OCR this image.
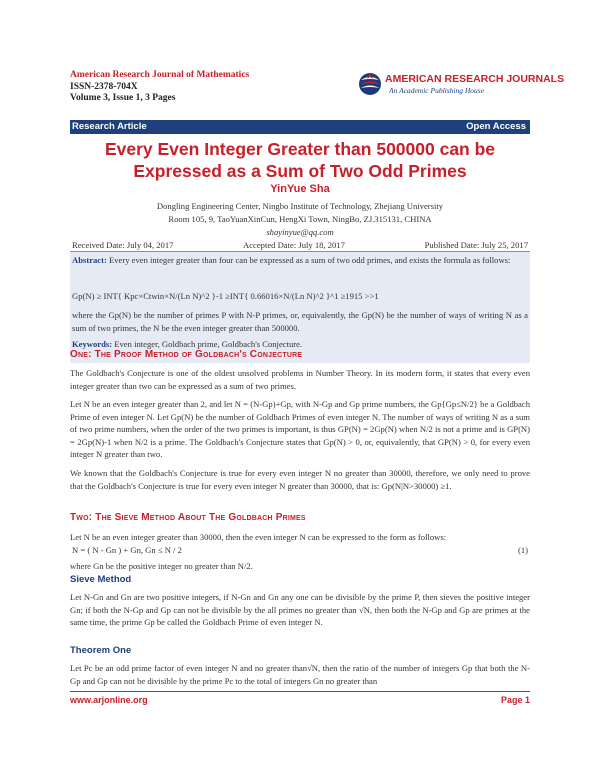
American Research Journal of Mathematics
ISSN-2378-704X
Volume 3, Issue 1, 3 Pages
AMERICAN RESEARCH JOURNALS
An Academic Publishing House
Research Article	Open Access
Every Even Integer Greater than 500000 can be
Expressed as a Sum of Two Odd Primes
YinYue Sha
Dongling Engineering Center, Ningbo Institute of Technology, Zhejiang University
Room 105, 9, TaoYuanXinCun, HengXi Town, NingBo, ZJ.315131, CHINA
shayinyue@qq.com
Received Date: July 04, 2017	Accepted Date: July 18, 2017	Published Date: July 25, 2017

Abstract: Every even integer greater than four can be expressed as a sum of two odd primes, and exists the formula as follows:

Gp(N) ≥ INT{ Kpc×Ctwin×N/(Ln N)^2 }-1 ≥INT{ 0.66016×N/(Ln N)^2 }^1 ≥1915 >>1

where the Gp(N) be the number of primes P with N-P primes, or, equivalently, the Gp(N) be the number of ways of writing N as a sum of two primes, the N be the even integer greater than 500000.

Keywords: Even integer, Goldbach prime, Goldbach's Conjecture.

One: The Proof Method of Goldbach's Conjecture

The Goldbach's Conjecture is one of the oldest unsolved problems in Number Theory. In its modern form, it states that every even integer greater than two can be expressed as a sum of two primes.

Let N be an even integer greater than 2, and let N = (N-Gp)+Gp, with N-Gp and Gp prime numbers, the Gp{Gp≤N/2} be a Goldbach Prime of even integer N. Let Gp(N) be the number of Goldbach Primes of even integer N. The number of ways of writing N as a sum of two prime numbers, when the order of the two primes is important, is thus GP(N) = 2Gp(N) when N/2 is not a prime and is GP(N) = 2Gp(N)-1 when N/2 is a prime. The Goldbach's Conjecture states that Gp(N) > 0, or, equivalently, that GP(N) > 0, for every even integer N greater than two.

We known that the Goldbach's Conjecture is true for every even integer N no greater than 30000, therefore, we only need to prove that the Goldbach's Conjecture is true for every even integer N greater than 30000, that is: Gp(N|N>30000) ≥1.

Two: The Sieve Method About The Goldbach Primes

Let N be an even integer greater than 30000, then the even integer N can be expressed to the form as follows:

N = ( N - Gn ) + Gn, Gn ≤ N / 2	(1)

where Gn be the positive integer no greater than N/2.

Sieve Method

Let N-Gn and Gn are two positive integers, if N-Gn and Gn any one can be divisible by the prime P, then sieves the positive integer Gn; if both the N-Gp and Gp can not be divisible by the all primes no greater than √N, then both the N-Gp and Gp are primes at the same time, the prime Gp be called the Goldbach Prime of even integer N.

Theorem One

Let Pc be an odd prime factor of even integer N and no greater than√N, then the ratio of the number of integers Gp that both the N-Gp and Gp can not be divisible by the prime Pc to the total of integers Gn no greater than

www.arjonline.org	Page 1
